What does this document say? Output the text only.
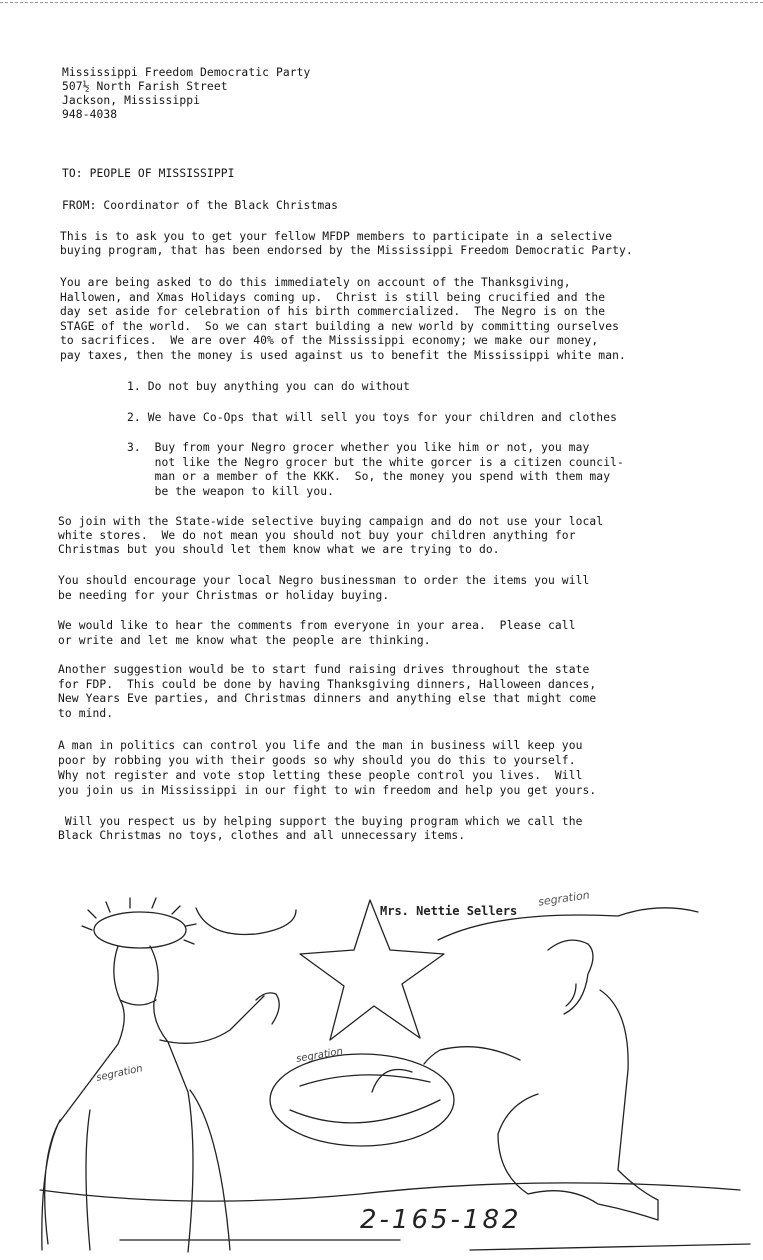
Mississippi Freedom Democratic Party

507½ North Farish Street

Jackson, Mississippi

948-4038

TO: PEOPLE OF MISSISSIPPI

FROM: Coordinator of the Black Christmas

This is to ask you to get your fellow MFDP members to participate in a selective

buying program, that has been endorsed by the Mississippi Freedom Democratic Party.

You are being asked to do this immediately on account of the Thanksgiving,

Hallowen, and Xmas Holidays coming up.  Christ is still being crucified and the

day set aside for celebration of his birth commercialized.  The Negro is on the

STAGE of the world.  So we can start building a new world by committing ourselves

to sacrifices.  We are over 40% of the Mississippi economy; we make our money,

pay taxes, then the money is used against us to benefit the Mississippi white man.

1. Do not buy anything you can do without

2. We have Co-Ops that will sell you toys for your children and clothes

3.  Buy from your Negro grocer whether you like him or not, you may

not like the Negro grocer but the white gorcer is a citizen council-

man or a member of the KKK.  So, the money you spend with them may

be the weapon to kill you.

So join with the State-wide selective buying campaign and do not use your local

white stores.  We do not mean you should not buy your children anything for

Christmas but you should let them know what we are trying to do.

You should encourage your local Negro businessman to order the items you will

be needing for your Christmas or holiday buying.

We would like to hear the comments from everyone in your area.  Please call

or write and let me know what the people are thinking.

Another suggestion would be to start fund raising drives throughout the state

for FDP.  This could be done by having Thanksgiving dinners, Halloween dances,

New Years Eve parties, and Christmas dinners and anything else that might come

to mind.

A man in politics can control you life and the man in business will keep you

poor by robbing you with their goods so why should you do this to yourself.

Why not register and vote stop letting these people control you lives.  Will

you join us in Mississippi in our fight to win freedom and help you get yours.

Will you respect us by helping support the buying program which we call the

Black Christmas no toys, clothes and all unnecessary items.

Mrs. Nettie Sellers
segration
segration
segration
2-165-182
